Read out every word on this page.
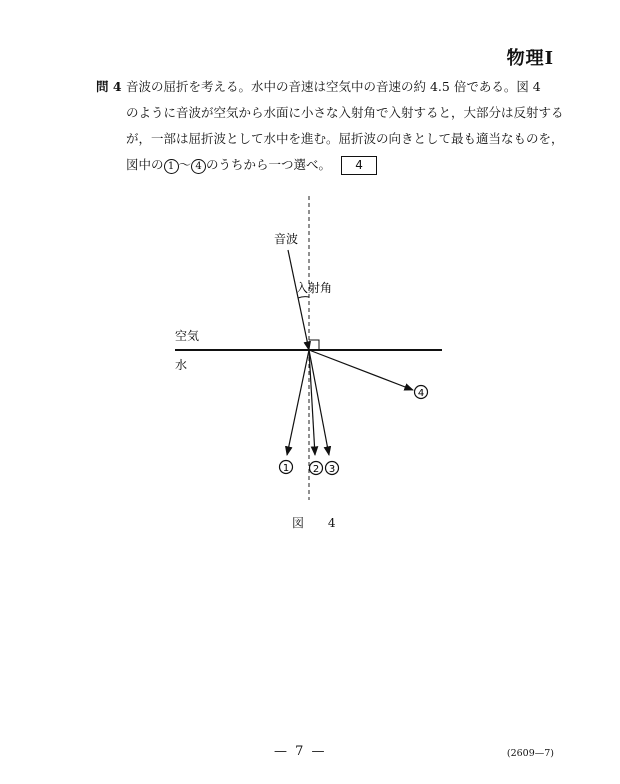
物理Ⅰ
問 4 音波の屈折を考える。水中の音速は空気中の音速の約 4.5 倍である。図 4
のように音波が空気から水面に小さな入射角で入射すると，大部分は反射する
が，一部は屈折波として水中を進む。屈折波の向きとして最も適当なものを，
図中の 1 〜 4 のうちから一つ選べ。 4
音波
入射角
空気
水
1 2 3
4
図 4
— 7 —	(2609—7)
